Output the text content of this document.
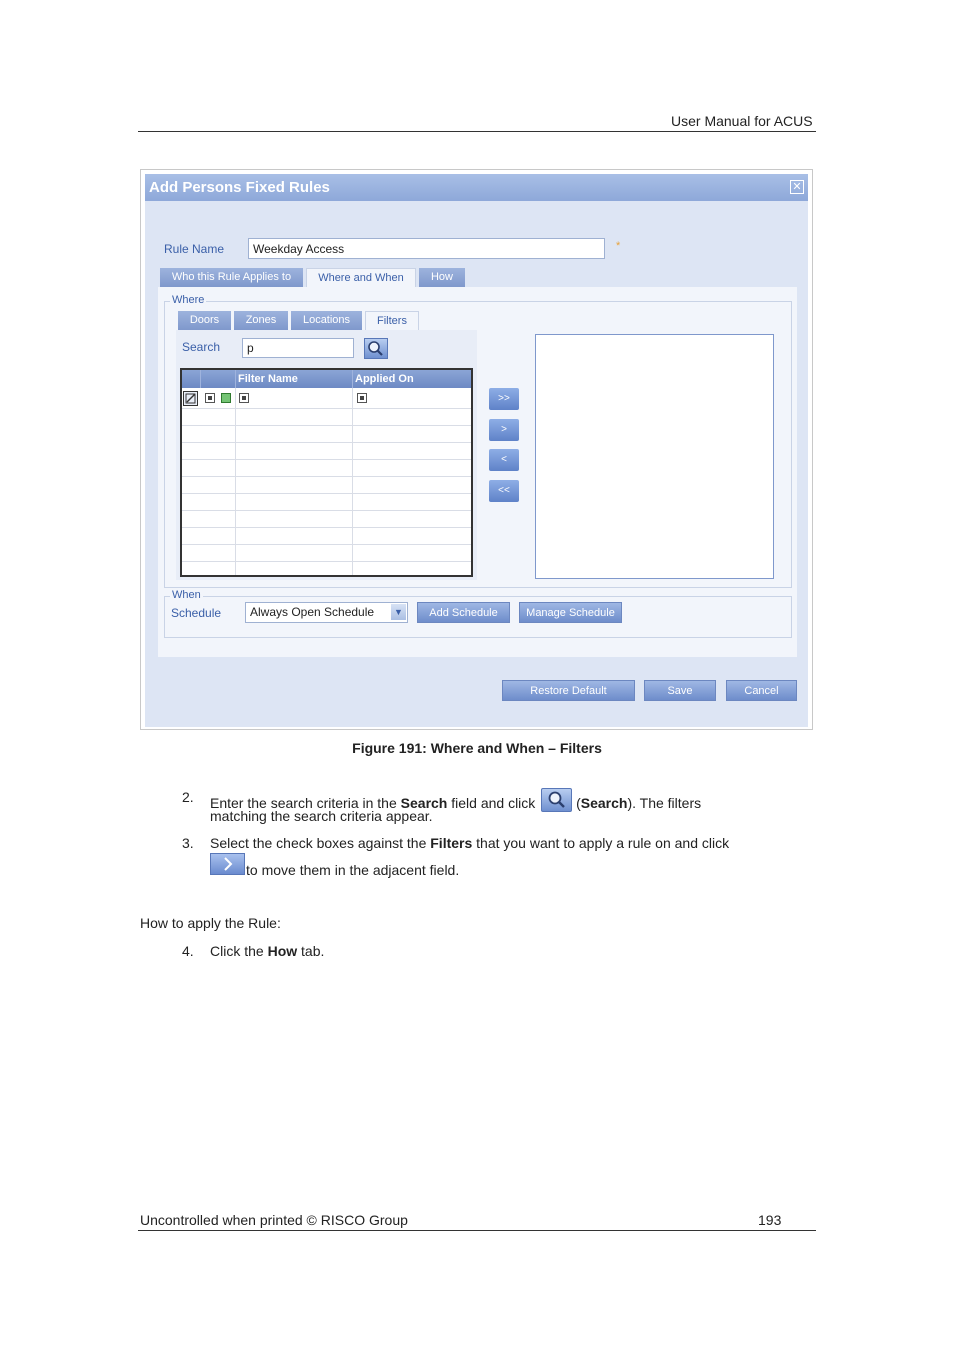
User Manual for ACUS
Add Persons Fixed Rules	✕
Rule Name
Weekday Access	*
Who this Rule Applies to	Where and When	How
Where
Doors	Zones	Locations	Filters
Search
p
Filter Name	Applied On
>>
>
<
<<
When
Schedule	Always Open Schedule	▼	Add Schedule	Manage Schedule
Restore Default	Save	Cancel
Figure 191: Where and When – Filters
2. Enter the search criteria in the Search field and click
(Search). The filters
matching the search criteria appear.
3. Select the check boxes against the Filters that you want to apply a rule on and click
to move them in the adjacent field.
How to apply the Rule:
4. Click the How tab.
Uncontrolled when printed © RISCO Group	193
